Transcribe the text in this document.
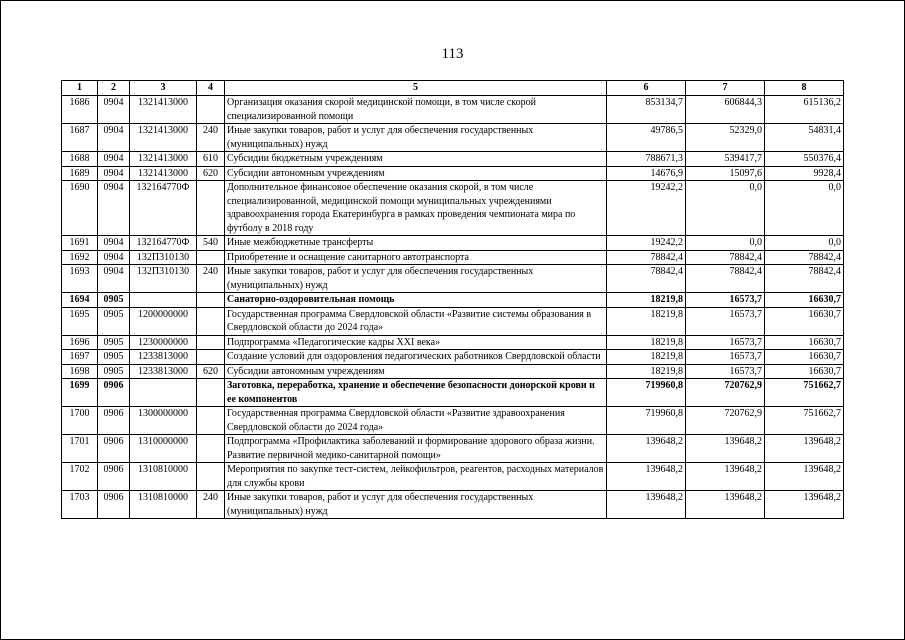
113
1	2	3	4	5	6	7	8
1686	0904	1321413000		Организация оказания скорой медицинской помощи, в том числе скорой специализированной помощи	853134,7	606844,3	615136,2
1687	0904	1321413000	240	Иные закупки товаров, работ и услуг для обеспечения государственных (муниципальных) нужд	49786,5	52329,0	54831,4
1688	0904	1321413000	610	Субсидии бюджетным учреждениям	788671,3	539417,7	550376,4
1689	0904	1321413000	620	Субсидии автономным учреждениям	14676,9	15097,6	9928,4
1690	0904	132164770Ф		Дополнительное финансовое обеспечение оказания скорой, в том числе специализированной, медицинской помощи муниципальных учреждениями здравоохранения города Екатеринбурга в рамках проведения чемпионата мира по футболу в 2018 году	19242,2	0,0	0,0
1691	0904	132164770Ф	540	Иные межбюджетные трансферты	19242,2	0,0	0,0
1692	0904	132П310130		Приобретение и оснащение санитарного автотранспорта	78842,4	78842,4	78842,4
1693	0904	132П310130	240	Иные закупки товаров, работ и услуг для обеспечения государственных (муниципальных) нужд	78842,4	78842,4	78842,4
1694	0905			Санаторно-оздоровительная помощь	18219,8	16573,7	16630,7
1695	0905	1200000000		Государственная программа Свердловской области «Развитие системы образования в Свердловской области до 2024 года»	18219,8	16573,7	16630,7
1696	0905	1230000000		Подпрограмма «Педагогические кадры XXI века»	18219,8	16573,7	16630,7
1697	0905	1233813000		Создание условий для оздоровления педагогических работников Свердловской области	18219,8	16573,7	16630,7
1698	0905	1233813000	620	Субсидии автономным учреждениям	18219,8	16573,7	16630,7
1699	0906			Заготовка, переработка, хранение и обеспечение безопасности донорской крови и ее компонентов	719960,8	720762,9	751662,7
1700	0906	1300000000		Государственная программа Свердловской области «Развитие здравоохранения Свердловской области до 2024 года»	719960,8	720762,9	751662,7
1701	0906	1310000000		Подпрограмма «Профилактика заболеваний и формирование здорового образа жизни. Развитие первичной медико-санитарной помощи»	139648,2	139648,2	139648,2
1702	0906	1310810000		Мероприятия по закупке тест-систем, лейкофильтров, реагентов, расходных материалов для службы крови	139648,2	139648,2	139648,2
1703	0906	1310810000	240	Иные закупки товаров, работ и услуг для обеспечения государственных (муниципальных) нужд	139648,2	139648,2	139648,2
